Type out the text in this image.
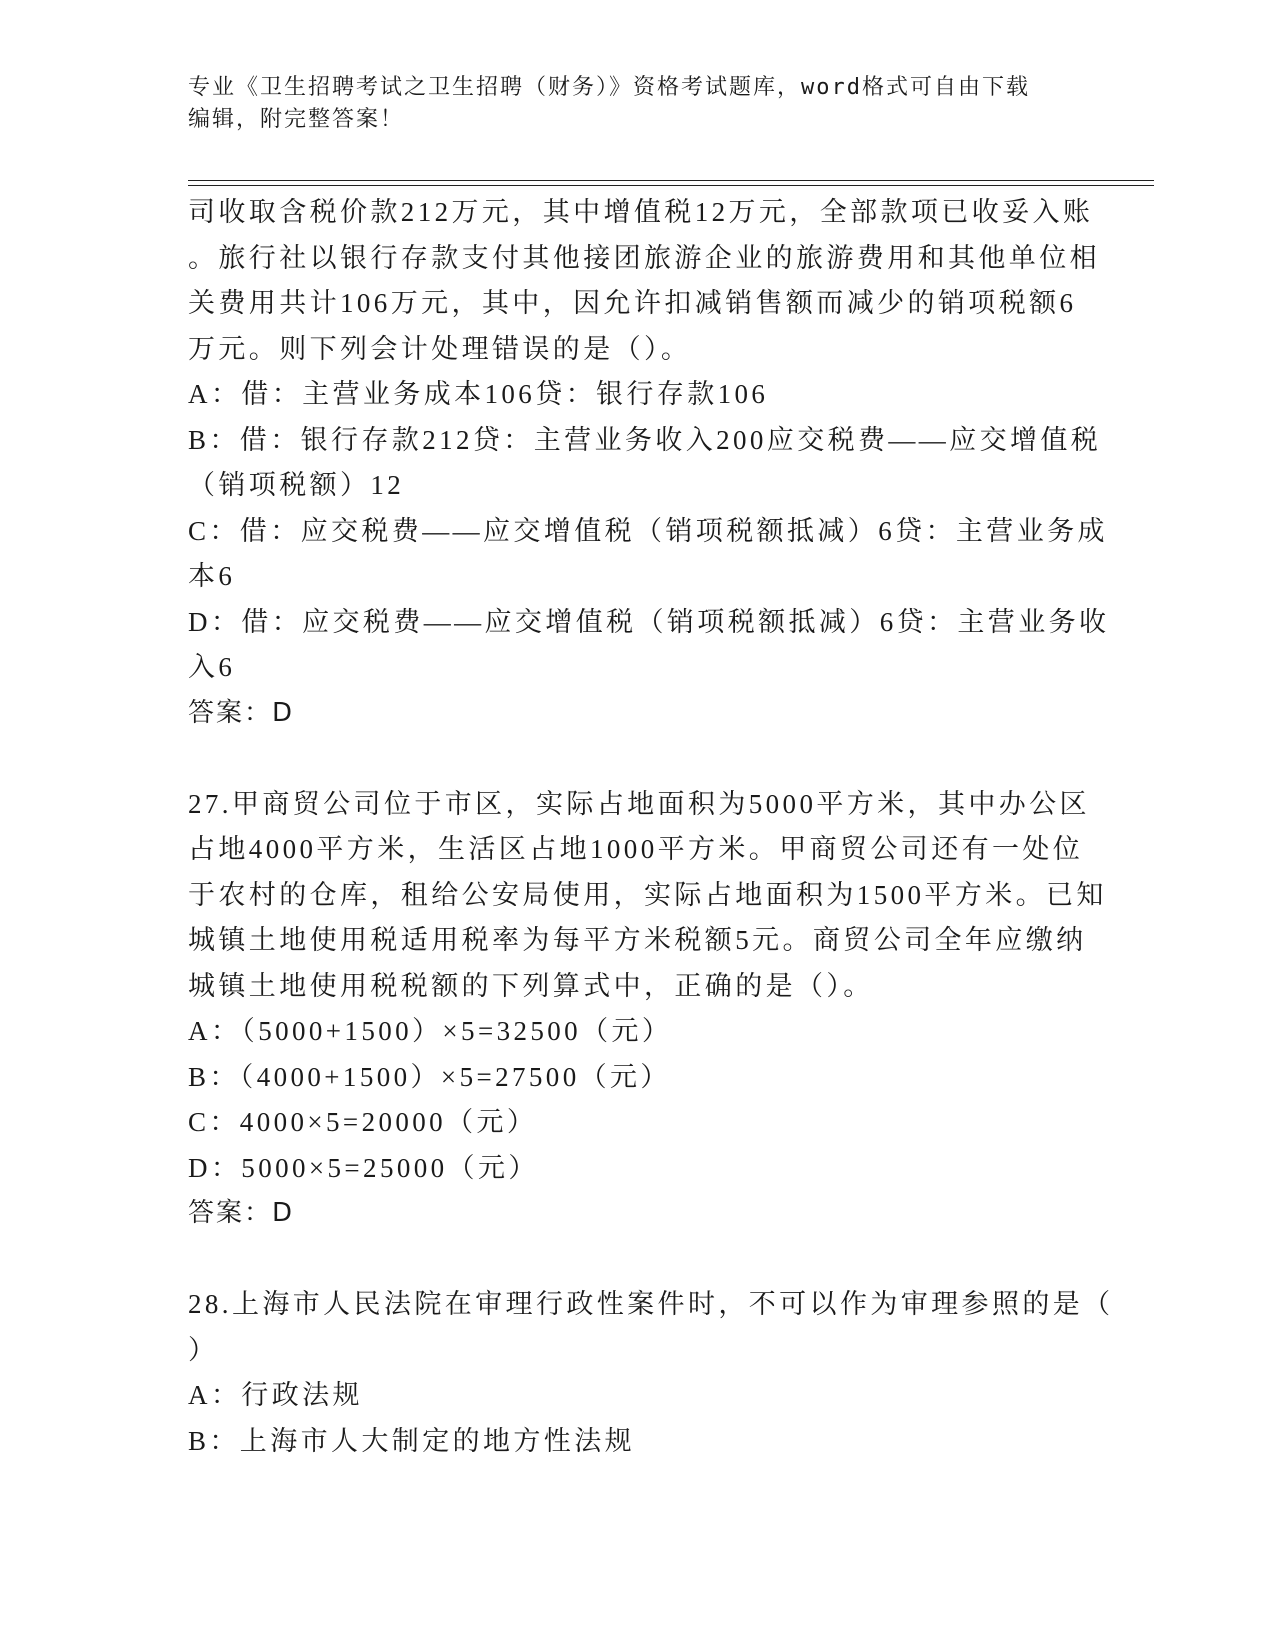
专业《卫生招聘考试之卫生招聘（财务）》资格考试题库，word格式可自由下载
编辑，附完整答案！
司收取含税价款212万元，其中增值税12万元，全部款项已收妥入账
。旅行社以银行存款支付其他接团旅游企业的旅游费用和其他单位相
关费用共计106万元，其中，因允许扣减销售额而减少的销项税额6
万元。则下列会计处理错误的是（）。
A：借：主营业务成本106贷：银行存款106
B：借：银行存款212贷：主营业务收入200应交税费——应交增值税
（销项税额）12
C：借：应交税费——应交增值税（销项税额抵减）6贷：主营业务成
本6
D：借：应交税费——应交增值税（销项税额抵减）6贷：主营业务收
入6
答案：D
27.甲商贸公司位于市区，实际占地面积为5000平方米，其中办公区
占地4000平方米，生活区占地1000平方米。甲商贸公司还有一处位
于农村的仓库，租给公安局使用，实际占地面积为1500平方米。已知
城镇土地使用税适用税率为每平方米税额5元。商贸公司全年应缴纳
城镇土地使用税税额的下列算式中，正确的是（）。
A：（5000+1500）×5=32500（元）
B：（4000+1500）×5=27500（元）
C：4000×5=20000（元）
D：5000×5=25000（元）
答案：D
28.上海市人民法院在审理行政性案件时，不可以作为审理参照的是（
）
A：行政法规
B：上海市人大制定的地方性法规
